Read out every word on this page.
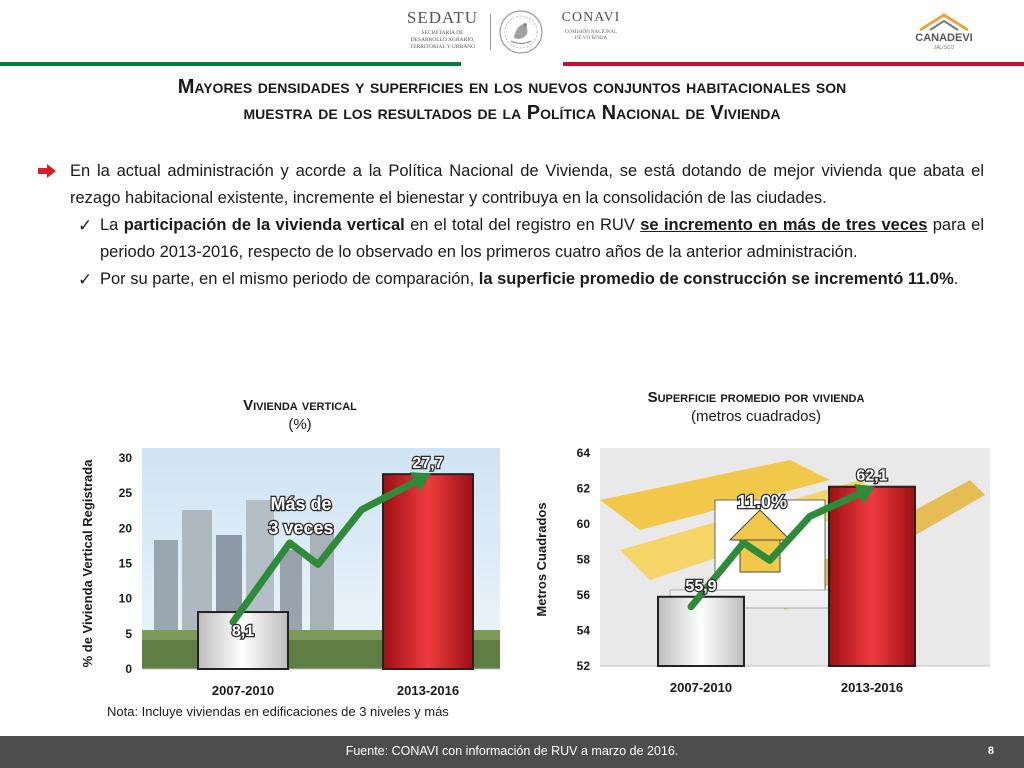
SEDATU
SECRETARÍA DE
DESARROLLO AGRARIO,
TERRITORIAL Y URBANO
CONAVI
COMISIÓN NACIONAL
DE VIVIENDA	CANADEVI
JALISCO
Mayores densidades y superficies en los nuevos conjuntos habitacionales son
muestra de los resultados de la Política Nacional de Vivienda
En la actual administración y acorde a la Política Nacional de Vivienda, se está dotando de mejor vivienda que abata el rezago habitacional existente, incremente el bienestar y contribuya en la consolidación de las ciudades.
✓ La participación de la vivienda vertical en el total del registro en RUV se incremento en más de tres veces para el periodo 2013-2016, respecto de lo observado en los primeros cuatro años de la anterior administración.
✓ Por su parte, en el mismo periodo de comparación, la superficie promedio de construcción se incrementó 11.0%.
Vivienda vertical
(%)
Superficie promedio por vivienda
(metros cuadrados)
0
5
10
15
20
25
30
% de Vivienda Vertical Registrada
2007-2010
8,1
2013-2016
27,7
Más de
3 veces
52
54
56
58
60
62
64
Metros Cuadrados
2007-2010
55,9
2013-2016
62,1
11.0%
Nota: Incluye viviendas en edificaciones de 3 niveles y más
Fuente: CONAVI con información de RUV a marzo de 2016.	8
